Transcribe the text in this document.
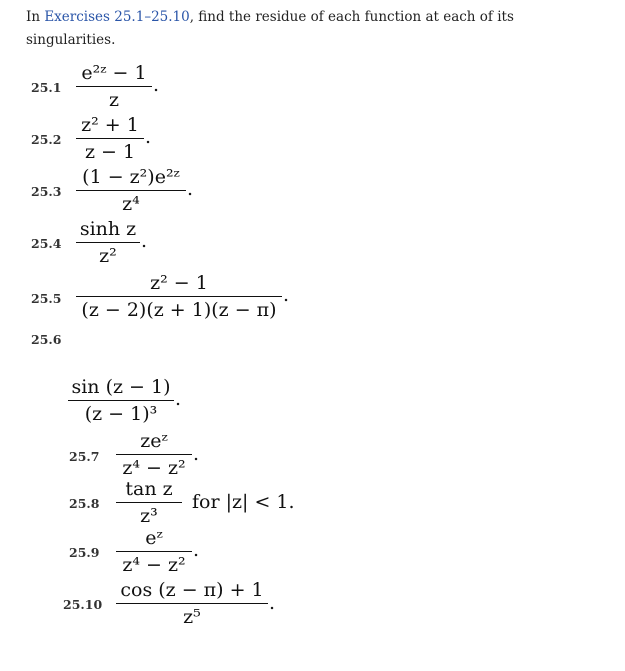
In Exercises 25.1–25.10, find the residue of each function at each of its singularities.
25.1
e²ᶻ − 1
z
.
25.2
z² + 1
z − 1
.
25.3
(1 − z²)e²ᶻ
z⁴
.
25.4
sinh z
z²
.
25.5
z² − 1
(z − 2)(z + 1)(z − π)
.
25.6
sin (z − 1)
(z − 1)³
.
25.7
zeᶻ
z⁴ − z²
.
25.8
tan z
z³
for |z| < 1.
25.9
eᶻ
z⁴ − z²
.
25.10
cos (z − π) + 1
z⁵
.
